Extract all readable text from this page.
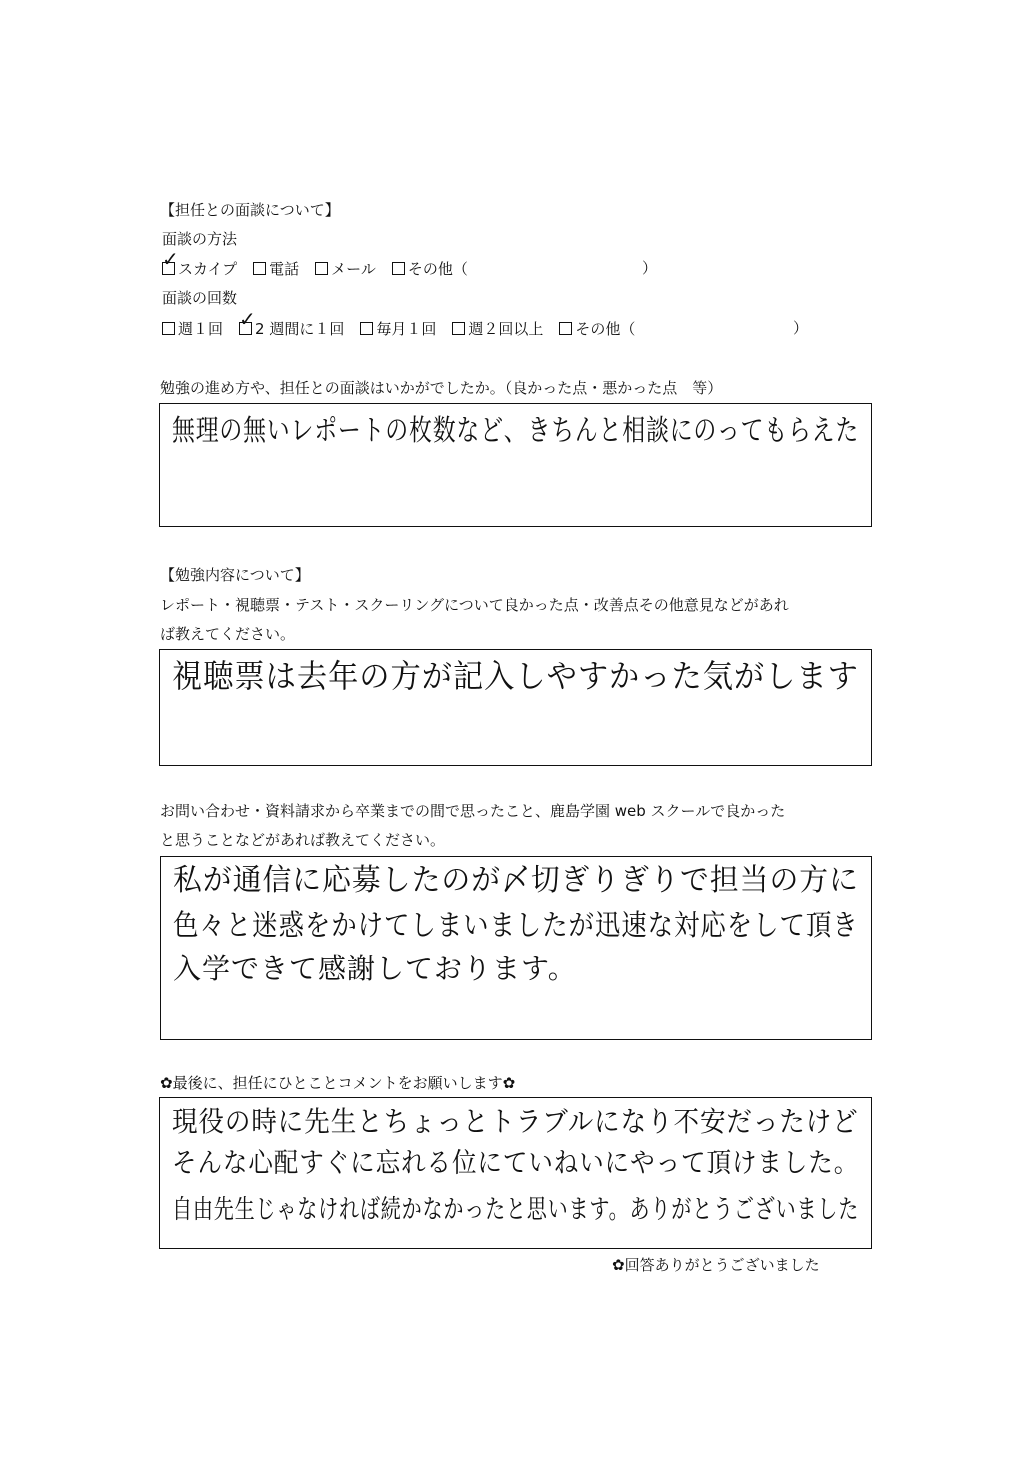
【担任との面談について】
面談の方法
✓ スカイプ 電話 メール その他（	）
面談の回数
週１回 ✓ 2 週間に１回 毎月１回 週２回以上 その他（	）
勉強の進め方や、担任との面談はいかがでしたか。（良かった点・悪かった点　等）
無理の無いレポートの枚数など、きちんと相談にのってもらえた
【勉強内容について】
レポート・視聴票・テスト・スクーリングについて良かった点・改善点その他意見などがあれ
ば教えてください。
視聴票は去年の方が記入しやすかった気がします
お問い合わせ・資料請求から卒業までの間で思ったこと、鹿島学園 web スクールで良かった
と思うことなどがあれば教えてください。
私が通信に応募したのが〆切ぎりぎりで担当の方に
色々と迷惑をかけてしまいましたが迅速な対応をして頂き
入学できて感謝しております。
✿最後に、担任にひとことコメントをお願いします✿
現役の時に先生とちょっとトラブルになり不安だったけど
そんな心配すぐに忘れる位にていねいにやって頂けました。
自由先生じゃなければ続かなかったと思います。ありがとうございました
✿回答ありがとうございました
